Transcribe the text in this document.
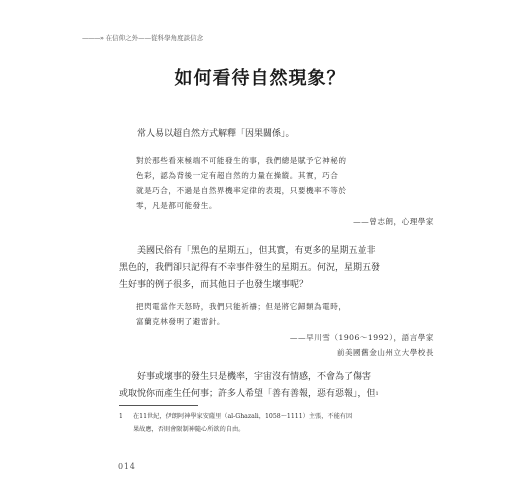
———» 在信仰之外——從科學角度談信念
如何看待自然現象？
常人易以超自然方式解釋「因果關係」。
對於那些看來極端不可能發生的事，我們總是賦予它神秘的
色彩，認為背後一定有超自然的力量在操縱。其實，巧合
就是巧合，不過是自然界機率定律的表現，只要機率不等於
零，凡是都可能發生。
——曾志朗，心理學家
美國民俗有「黑色的星期五」，但其實，有更多的星期五並非
黑色的，我們卻只記得有不幸事件發生的星期五。何況，星期五發
生好事的例子很多，而其他日子也發生壞事呢？
把閃電當作天怒時，我們只能祈禱；但是將它歸類為電時，
富蘭克林發明了避雷針。
——早川雪（1906～1992），語言學家
前美國舊金山州立大學校長
好事或壞事的發生只是機率，宇宙沒有情感，不會為了傷害
或取悅你而產生任何事；許多人希望「善有善報，惡有惡報」，但$^1$
1 在11世紀，伊朗阿神學家安薩里（al-Ghazali，1058～1111）主張，不能有因
果故應，否則會限制神隨心所欲的自由。
014
